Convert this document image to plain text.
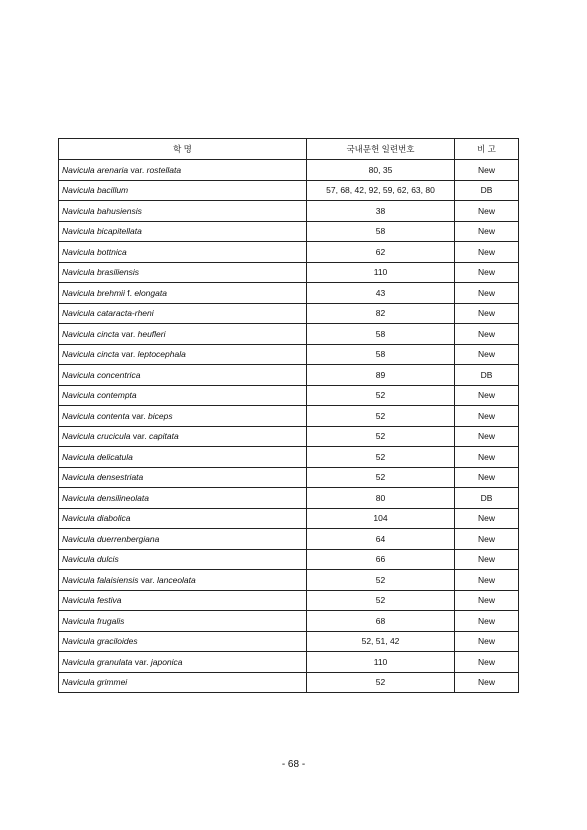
학 명	국내문헌 일련번호	비 고
Navicula arenaria var. rostellata	80, 35	New
Navicula bacillum	57, 68, 42, 92, 59, 62, 63, 80	DB
Navicula bahusiensis	38	New
Navicula bicapitellata	58	New
Navicula bottnica	62	New
Navicula brasiliensis	110	New
Navicula brehmii f. elongata	43	New
Navicula cataracta-rheni	82	New
Navicula cincta var. heufleri	58	New
Navicula cincta var. leptocephala	58	New
Navicula concentrica	89	DB
Navicula contempta	52	New
Navicula contenta var. biceps	52	New
Navicula crucicula var. capitata	52	New
Navicula delicatula	52	New
Navicula densestriata	52	New
Navicula densilineolata	80	DB
Navicula diabolica	104	New
Navicula duerrenbergiana	64	New
Navicula dulcis	66	New
Navicula falaisiensis var. lanceolata	52	New
Navicula festiva	52	New
Navicula frugalis	68	New
Navicula graciloides	52, 51, 42	New
Navicula granulata var. japonica	110	New
Navicula grimmei	52	New
- 68 -
